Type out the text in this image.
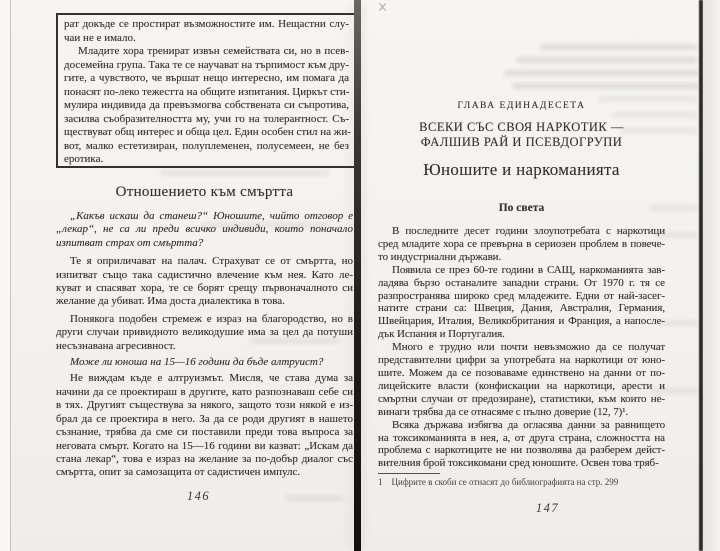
рат докъде се простират възможностите им. Нещастни слу-
чаи не е имало.
Младите хора тренират извън семействата си, но в псев-
досемейна група. Така те се научават на търпимост към дру-
гите, а чувството, че вършат нещо интересно, им помага да
понасят по-леко тежестта на общите изпитания. Циркът сти-
мулира индивида да превъзмогва собствената си съпротива,
засилва съобразителността му, учи го на толерантност. Съ-
ществуват общ интерес и обща цел. Един особен стил на жи-
вот, малко естетизиран, полуплеменен, полусемеен, не без
еротика.
Отношението към смъртта
„Какъв искаш да станеш?“ Юношите, чийто отговор е
„лекар“, не са ли преди всичко индивиди, които поначало
изпитват страх от смъртта?
Те я оприличават на палач. Страхуват се от смъртта, но
изпитват също така садистично влечение към нея. Като ле-
куват и спасяват хора, те се борят срещу първоначалното си
желание да убиват. Има доста диалектика в това.
Понякога подобен стремеж е израз на благородство, но в
други случаи привидното великодушие има за цел да потуши
несъзнавана агресивност.
Може ли юноша на 15—16 години да бъде алтруист?
Не виждам къде е алтруизмът. Мисля, че става дума за
начини да се проектираш в другите, като разпознаваш себе си
в тях. Другият съществува за някого, защото този някой е из-
брал да се проектира в него. За да се роди другият в нашето
съзнание, трябва да сме си поставили преди това въпроса за
неговата смърт. Когато на 15—16 години ви казват: „Искам да
стана лекар“, това е израз на желание за по-добър диалог със
смъртта, опит за самозащита от садистичен импулс.
146
ГЛАВА ЕДИНАДЕСЕТА
ВСЕКИ СЪС СВОЯ НАРКОТИК —
ФАЛШИВ РАЙ И ПСЕВДОГРУПИ
Юношите и наркоманията
По света
В последните десет години злоупотребата с наркотици
сред младите хора се превърна в сериозен проблем в повече-
то индустриални държави.
Появила се през 60-те години в САЩ, наркоманията зав-
ладява бързо останалите западни страни. От 1970 г. тя се
разпространява широко сред младежите. Едни от най-засег-
натите страни са: Швеция, Дания, Австралия, Германия,
Швейцария, Италия, Великобритания и Франция, а напосле-
дък Испания и Португалия.
Много е трудно или почти невъзможно да се получат
представителни цифри за употребата на наркотици от юно-
шите. Можем да се позоваваме единствено на данни от по-
лицейските власти (конфискации на наркотици, арести и
смъртни случаи от предозиране), статистики, към които не-
винаги трябва да се отнасяме с пълно доверие (12, 7)¹.
Всяка държава избягва да огласява данни за равнището
на токсикоманията в нея, а, от друга страна, сложността на
проблема с наркотиците не ни позволява да разберем дейст-
вителния брой токсикомани сред юношите. Освен това тряб-
1 Цифрите в скоби се отнасят до библиографията на стр. 299
147
